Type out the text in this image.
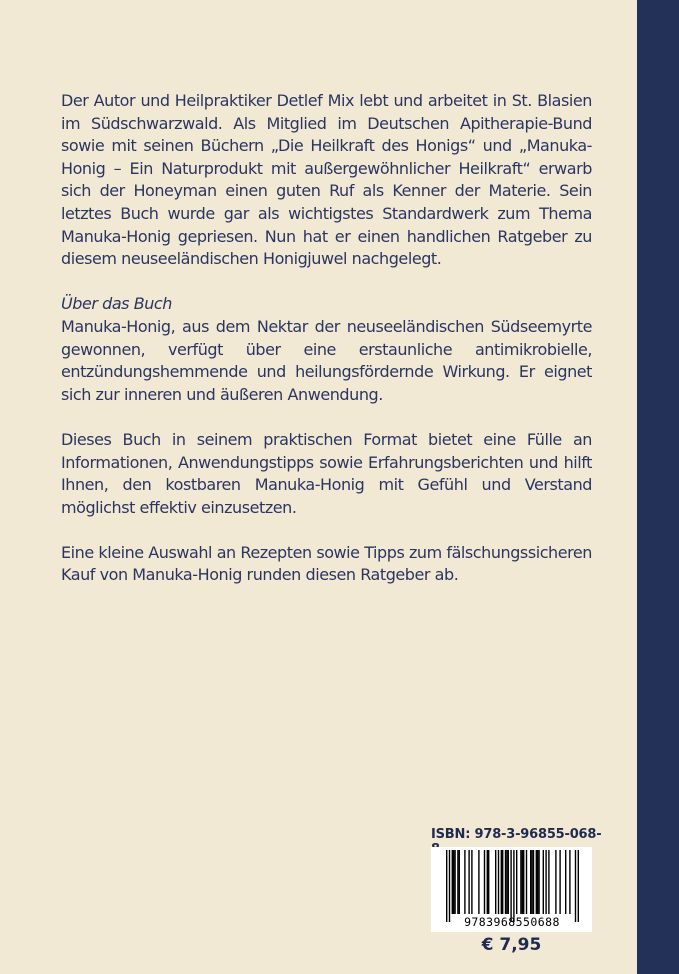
Der Autor und Heilpraktiker Detlef Mix lebt und arbeitet in St. Blasien im Südschwarzwald. Als Mitglied im Deutschen Apitherapie-Bund sowie mit seinen Büchern „Die Heilkraft des Honigs“ und „Manuka-Honig – Ein Naturprodukt mit außergewöhnlicher Heilkraft“ erwarb sich der Honeyman einen guten Ruf als Kenner der Materie. Sein letztes Buch wurde gar als wichtigstes Standardwerk zum Thema Manuka-Honig gepriesen. Nun hat er einen handlichen Ratgeber zu diesem neuseeländischen Honigjuwel nachgelegt.

Über das Buch

Manuka-Honig, aus dem Nektar der neuseeländischen Südseemyrte gewonnen, verfügt über eine erstaunliche antimikrobielle, entzündungshemmende und heilungsfördernde Wirkung. Er eignet sich zur inneren und äußeren Anwendung.

Dieses Buch in seinem praktischen Format bietet eine Fülle an Informationen, Anwendungstipps sowie Erfahrungsberichten und hilft Ihnen, den kostbaren Manuka-Honig mit Gefühl und Verstand möglichst effektiv einzusetzen.

Eine kleine Auswahl an Rezepten sowie Tipps zum fälschungssicheren Kauf von Manuka-Honig runden diesen Ratgeber ab.

ISBN: 978-3-96855-068-
9783968550688
€ 7,95
